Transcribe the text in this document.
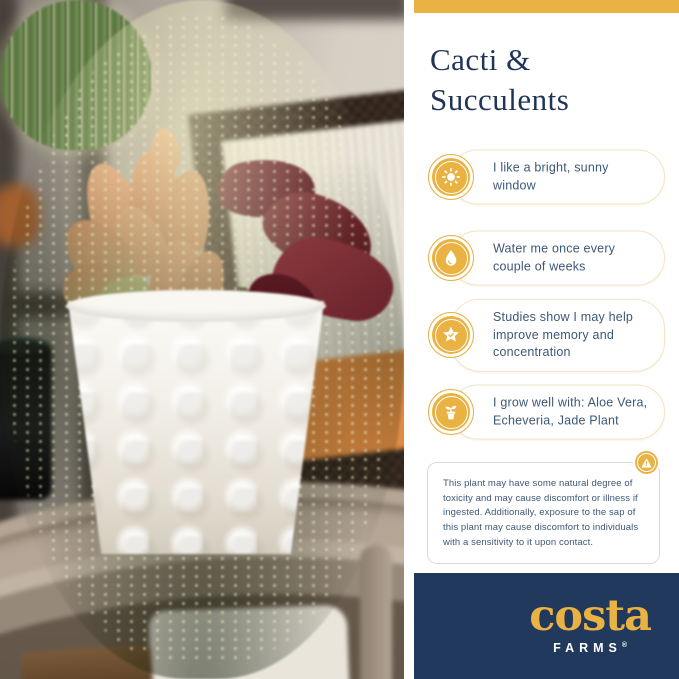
Cacti &
Succulents
I like a bright, sunny window
Water me once every couple of weeks
Studies show I may help improve memory and concentration
I grow well with: Aloe Vera, Echeveria, Jade Plant
This plant may have some natural degree of toxicity and may cause discomfort or illness if ingested. Additionally, exposure to the sap of this plant may cause discomfort to individuals with a sensitivity to it upon contact.
costa
FARMS®
